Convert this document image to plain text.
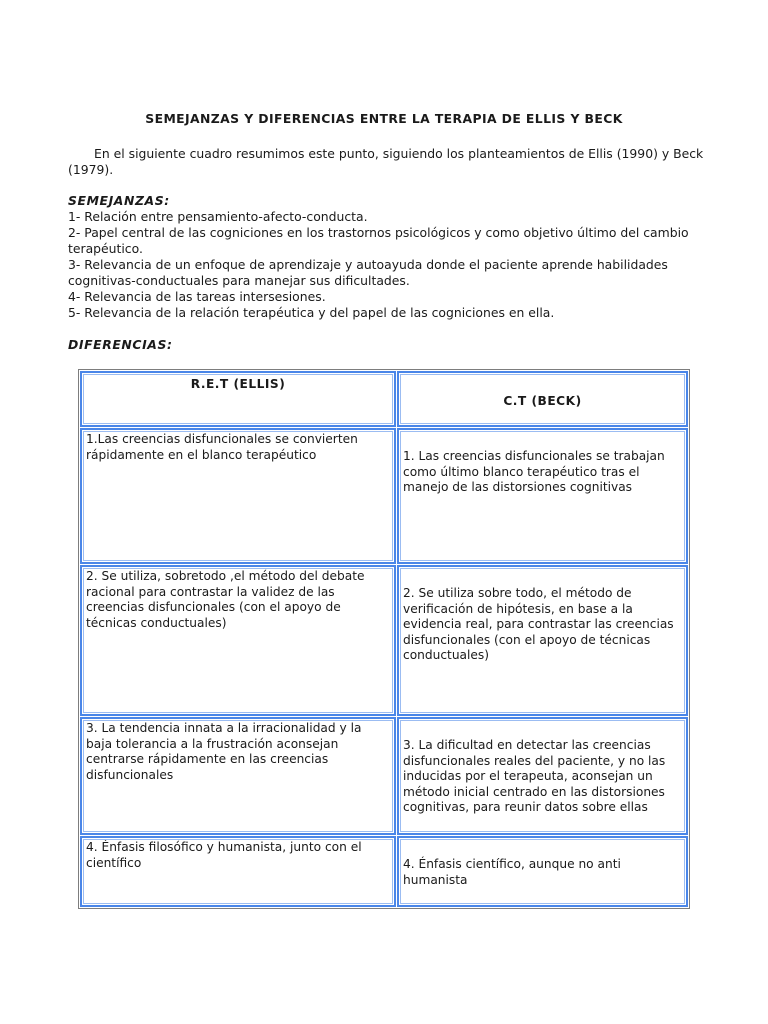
SEMEJANZAS Y DIFERENCIAS ENTRE LA TERAPIA DE ELLIS Y BECK
En el siguiente cuadro resumimos este punto, siguiendo los planteamientos de Ellis (1990) y Beck (1979).
SEMEJANZAS:
1- Relación entre pensamiento-afecto-conducta.
2- Papel central de las cogniciones en los trastornos psicológicos y como objetivo último del cambio terapéutico.
3- Relevancia de un enfoque de aprendizaje y autoayuda donde el paciente aprende habilidades cognitivas-conductuales para manejar sus dificultades.
4- Relevancia de las tareas intersesiones.
5- Relevancia de la relación terapéutica y del papel de las cogniciones en ella.
DIFERENCIAS:
R.E.T (ELLIS)
C.T (BECK)
1.Las creencias disfuncionales se convierten rápidamente en el blanco terapéutico	1. Las creencias disfuncionales se trabajan como último blanco terapéutico tras el manejo de las distorsiones cognitivas
2. Se utiliza, sobretodo ,el método del debate racional para contrastar la validez de las creencias disfuncionales (con el apoyo de técnicas conductuales)
2. Se utiliza sobre todo, el método de verificación de hipótesis, en base a la evidencia real, para contrastar las creencias disfuncionales (con el apoyo de técnicas conductuales)
3. La tendencia innata a la irracionalidad y la baja tolerancia a la frustración aconsejan centrarse rápidamente en las creencias disfuncionales
3. La dificultad en detectar las creencias disfuncionales reales del paciente, y no las inducidas por el terapeuta, aconsejan un método inicial centrado en las distorsiones cognitivas, para reunir datos sobre ellas
4. Énfasis filosófico y humanista, junto con el científico	4. Énfasis científico, aunque no anti humanista
